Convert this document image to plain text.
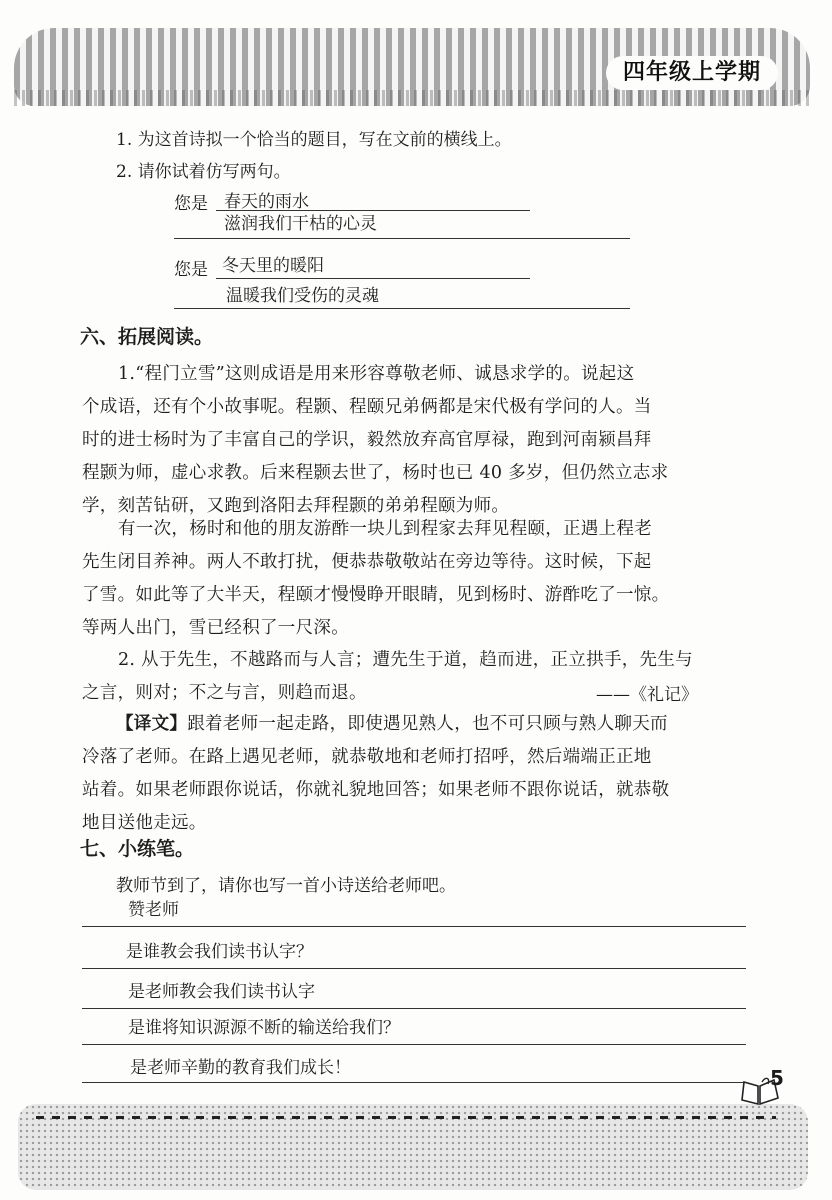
四年级上学期
1. 为这首诗拟一个恰当的题目，写在文前的横线上。
2. 请你试着仿写两句。
您是 春天的雨水
滋润我们干枯的心灵
您是 冬天里的暖阳
温暖我们受伤的灵魂
六、拓展阅读。
1.“程门立雪”这则成语是用来形容尊敬老师、诚恳求学的。说起这
个成语，还有个小故事呢。程颢、程颐兄弟俩都是宋代极有学问的人。当
时的进士杨时为了丰富自己的学识，毅然放弃高官厚禄，跑到河南颍昌拜
程颢为师，虚心求教。后来程颢去世了，杨时也已 40 多岁，但仍然立志求
学，刻苦钻研，又跑到洛阳去拜程颢的弟弟程颐为师。
有一次，杨时和他的朋友游酢一块儿到程家去拜见程颐，正遇上程老
先生闭目养神。两人不敢打扰，便恭恭敬敬站在旁边等待。这时候，下起
了雪。如此等了大半天，程颐才慢慢睁开眼睛，见到杨时、游酢吃了一惊。
等两人出门，雪已经积了一尺深。
2. 从于先生，不越路而与人言；遭先生于道，趋而进，正立拱手，先生与
之言，则对；不之与言，则趋而退。	——《礼记》
【译文】跟着老师一起走路，即使遇见熟人，也不可只顾与熟人聊天而
冷落了老师。在路上遇见老师，就恭敬地和老师打招呼，然后端端正正地
站着。如果老师跟你说话，你就礼貌地回答；如果老师不跟你说话，就恭敬
地目送他走远。
七、小练笔。
教师节到了，请你也写一首小诗送给老师吧。
赞老师
是谁教会我们读书认字？
是老师教会我们读书认字
是谁将知识源源不断的输送给我们？
是老师辛勤的教育我们成长！	5
